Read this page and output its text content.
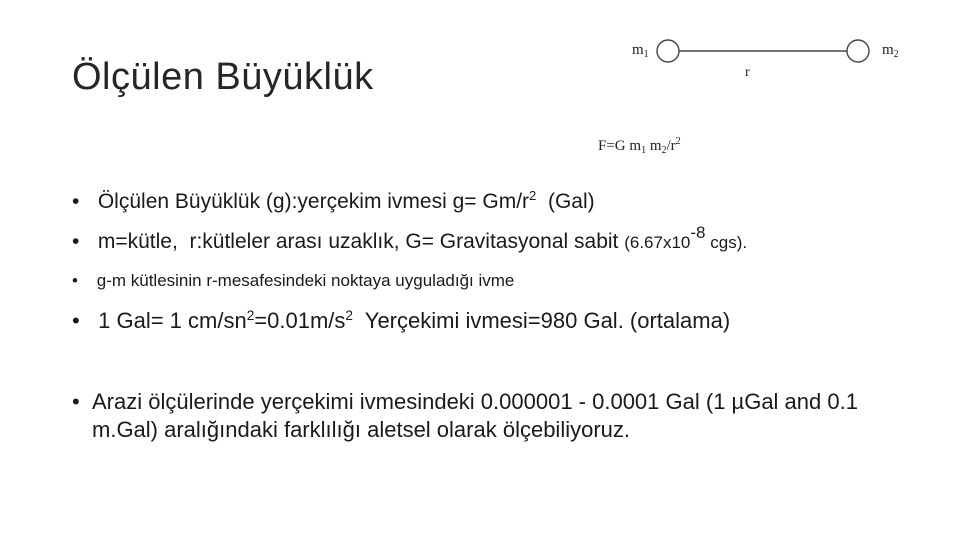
Ölçülen Büyüklük
$m_1$	$m_2$
r
F=G $m_1$ $m_2/r^2$
• Ölçülen Büyüklük (g):yerçekim ivmesi $g= Gm/r^2$  (Gal)
• m=kütle,  r:kütleler arası uzaklık, G= Gravitasyonal sabit ($6.67x10^{-8}$ cgs).
• g-m kütlesinin r-mesafesindeki noktaya uyguladığı ivme
• 1 Gal= 1 $cm/sn^2=0.01m/s^2$  Yerçekimi ivmesi=980 Gal. (ortalama)
• Arazi ölçülerinde yerçekimi ivmesindeki 0.000001 - 0.0001 Gal (1 µGal and 0.1 m.Gal) aralığındaki farklılığı aletsel olarak ölçebiliyoruz.
